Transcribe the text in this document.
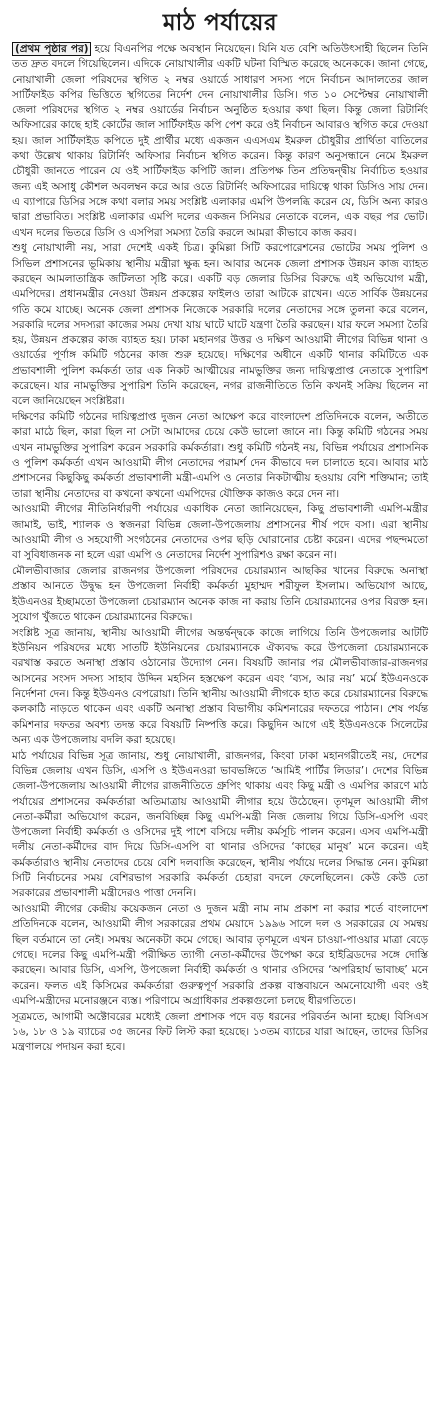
মাঠ পর্যায়ের

(প্রথম পৃষ্ঠার পর) হয়ে বিএনপির পক্ষে অবস্থান নিয়েছেন। যিনি যত বেশি অতিউৎসাহী ছিলেন তিনি তত দ্রুত বদলে গিয়েছিলেন। এদিকে নোয়াখালীর একটি ঘটনা বিস্মিত করেছে অনেককে। জানা গেছে, নোয়াখালী জেলা পরিষদের স্থগিত ২ নম্বর ওয়ার্ডে সাধারণ সদস্য পদে নির্বাচন আদালতের জাল সার্টিফাইড কপির ভিত্তিতে স্থগিতের নির্দেশ দেন নোয়াখালীর ডিসি। গত ১০ সেপ্টেম্বর নোয়াখালী জেলা পরিষদের স্থগিত ২ নম্বর ওয়ার্ডের নির্বাচন অনুষ্ঠিত হওয়ার কথা ছিল। কিন্তু জেলা রিটার্নিং অফিসারের কাছে হাই কোর্টের জাল সার্টিফাইড কপি পেশ করে ওই নির্বাচন আবারও স্থগিত করে দেওয়া হয়। জাল সার্টিফাইড কপিতে দুই প্রার্থীর মধ্যে একজন এএসএম ইমরুল চৌধুরীর প্রার্থিতা বাতিলের কথা উল্লেখ থাকায় রিটার্নিং অফিসার নির্বাচন স্থগিত করেন। কিন্তু কারণ অনুসন্ধানে নেমে ইমরুল চৌধুরী জানতে পারেন যে ওই সার্টিফাইড কপিটি জাল। প্রতিপক্ষ তিন প্রতিদ্বন্দ্বীয় নির্বাচিত হওয়ার জন্য এই অসাধু কৌশল অবলম্বন করে আর ওতে রিটার্নিং অফিসারের দায়িত্বে থাকা ডিসিও সায় দেন। এ ব্যাপারে ডিসির সঙ্গে কথা বলার সময় সংশ্লিষ্ট এলাকার এমপি উপলব্ধি করেন যে, ডিসি অন্য কারও দ্বারা প্রভাবিত। সংশ্লিষ্ট এলাকার এমপি দলের একজন সিনিয়র নেতাকে বলেন, এক বছর পর ভোট। এখন দলের ভিতরে ডিসি ও এসপিরা সমস্যা তৈরি করলে আমরা কীভাবে কাজ করব।

শুধু নোয়াখালী নয়, সারা দেশেই একই চিত্র। কুমিল্লা সিটি করপোরেশনের ভোটের সময় পুলিশ ও সিভিল প্রশাসনের ভূমিকায় স্থানীয় মন্ত্রীরা ক্ষুব্ধ হন। আবার অনেক জেলা প্রশাসক উন্নয়ন কাজ ব্যাহত করছেন আমলাতান্ত্রিক জটিলতা সৃষ্টি করে। একটি বড় জেলার ডিসির বিরুদ্ধে এই অভিযোগ মন্ত্রী, এমপিদের। প্রধানমন্ত্রীর নেওয়া উন্নয়ন প্রকল্পের ফাইলও তারা আটকে রাখেন। এতে সার্বিক উন্নয়নের গতি কমে যাচ্ছে। অনেক জেলা প্রশাসক নিজেকে সরকারি দলের নেতাদের সঙ্গে তুলনা করে বলেন, সরকারি দলের সদস্যরা কাজের সময় দেখা যায় ঘাটে ঘাটে যন্ত্রণা তৈরি করছেন। যার ফলে সমস্যা তৈরি হয়, উন্নয়ন প্রকল্পের কাজ ব্যাহত হয়। ঢাকা মহানগর উত্তর ও দক্ষিণ আওয়ামী লীগের বিভিন্ন থানা ও ওয়ার্ডের পূর্ণাঙ্গ কমিটি গঠনের কাজ শুরু হয়েছে। দক্ষিণের অধীনে একটি থানার কমিটিতে এক প্রভাবশালী পুলিশ কর্মকর্তা তার এক নিকট আত্মীয়ের নামভুক্তির জন্য দায়িত্বপ্রাপ্ত নেতাকে সুপারিশ করেছেন। যার নামভুক্তির সুপারিশ তিনি করেছেন, নগর রাজনীতিতে তিনি কখনই সক্রিয় ছিলেন না বলে জানিয়েছেন সংশ্লিষ্টরা।

দক্ষিণের কমিটি গঠনের দায়িত্বপ্রাপ্ত দুজন নেতা আক্ষেপ করে বাংলাদেশ প্রতিদিনকে বলেন, অতীতে কারা মাঠে ছিল, কারা ছিল না সেটা আমাদের চেয়ে কেউ ভালো জানে না। কিন্তু কমিটি গঠনের সময় এখন নামভুক্তির সুপারিশ করেন সরকারি কর্মকর্তারা। শুধু কমিটি গঠনই নয়, বিভিন্ন পর্যায়ের প্রশাসনিক ও পুলিশ কর্মকর্তা এখন আওয়ামী লীগ নেতাদের পরামর্শ দেন কীভাবে দল চালাতে হবে। আবার মাঠ প্রশাসনের কিছুকিছু কর্মকর্তা প্রভাবশালী মন্ত্রী-এমপি ও নেতার নিকটাত্মীয় হওয়ায় বেশি শক্তিমান; তাই তারা স্থানীয় নেতাদের বা কখনো কখনো এমপিদের যৌক্তিক কাজও করে দেন না।

আওয়ামী লীগের নীতিনির্ধারণী পর্যায়ের একাধিক নেতা জানিয়েছেন, কিছু প্রভাবশালী এমপি-মন্ত্রীর জামাই, ভাই, শ্যালক ও স্বজনরা বিভিন্ন জেলা-উপজেলায় প্রশাসনের শীর্ষ পদে বসা। এরা স্থানীয় আওয়ামী লীগ ও সহযোগী সংগঠনের নেতাদের ওপর ছড়ি ঘোরানোর চেষ্টা করেন। এদের পছন্দমতো বা সুবিধাজনক না হলে এরা এমপি ও নেতাদের নির্দেশ সুপারিশও রক্ষা করেন না।

মৌলভীবাজার জেলার রাজনগর উপজেলা পরিষদের চেয়ারম্যান আছকির খানের বিরুদ্ধে অনাস্থা প্রস্তাব আনতে উদ্বুদ্ধ হন উপজেলা নির্বাহী কর্মকর্তা মুহাম্মদ শরীফুল ইসলাম। অভিযোগ আছে, ইউএনওর ইচ্ছামতো উপজেলা চেয়ারম্যান অনেক কাজ না করায় তিনি চেয়ারম্যানের ওপর বিরক্ত হন। সুযোগ খুঁজতে থাকেন চেয়ারম্যানের বিরুদ্ধে।

সংশ্লিষ্ট সূত্র জানায়, স্থানীয় আওয়ামী লীগের অন্তর্দ্বন্দ্বকে কাজে লাগিয়ে তিনি উপজেলার আটটি ইউনিয়ন পরিষদের মধ্যে সাতটি ইউনিয়নের চেয়ারম্যানকে ঐক্যবদ্ধ করে উপজেলা চেয়ারম্যানকে বরখাস্ত করতে অনাস্থা প্রস্তাব ওঠানোর উদ্যোগ নেন। বিষয়টি জানার পর মৌলভীবাজার-রাজনগর আসনের সংসদ সদস্য সাহাব উদ্দিন মহসিন হস্তক্ষেপ করেন এবং ‘ব্যস, আর নয়’ মর্মে ইউএনওকে নির্দেশনা দেন। কিন্তু ইউএনও বেপরোয়া। তিনি স্থানীয় আওয়ামী লীগকে হাত করে চেয়ারম্যানের বিরুদ্ধে কলকাঠি নাড়তে থাকেন এবং একটি অনাস্থা প্রস্তাব বিভাগীয় কমিশনারের দফতরে পাঠান। শেষ পর্যন্ত কমিশনার দফতর অবশ্য তদন্ত করে বিষয়টি নিষ্পত্তি করে। কিছুদিন আগে এই ইউএনওকে সিলেটের অন্য এক উপজেলায় বদলি করা হয়েছে।

মাঠ পর্যায়ের বিভিন্ন সূত্র জানায়, শুধু নোয়াখালী, রাজনগর, কিংবা ঢাকা মহানগরীতেই নয়, দেশের বিভিন্ন জেলায় এখন ডিসি, এসপি ও ইউএনওরা ভাবভঙ্গিতে ‘আমিই পার্টির লিডার’। দেশের বিভিন্ন জেলা-উপজেলায় আওয়ামী লীগের রাজনীতিতে গ্রুপিং থাকায় এবং কিছু মন্ত্রী ও এমপির কারণে মাঠ পর্যায়ের প্রশাসনের কর্মকর্তারা অতিমাত্রায় আওয়ামী লীগার হয়ে উঠেছেন। তৃণমূল আওয়ামী লীগ নেতা-কর্মীরা অভিযোগ করেন, জনবিচ্ছিন্ন কিছু এমপি-মন্ত্রী নিজ জেলায় গিয়ে ডিসি-এসপি এবং উপজেলা নির্বাহী কর্মকর্তা ও ওসিদের দুই পাশে বসিয়ে দলীয় কর্মসূচি পালন করেন। এসব এমপি-মন্ত্রী দলীয় নেতা-কর্মীদের বাদ দিয়ে ডিসি-এসপি বা থানার ওসিদের ‘কাছের মানুষ’ মনে করেন। এই কর্মকর্তারাও স্থানীয় নেতাদের চেয়ে বেশি দলবাজি করেছেন, স্থানীয় পর্যায়ে দলের সিদ্ধান্ত নেন। কুমিল্লা সিটি নির্বাচনের সময় বেশিরভাগ সরকারি কর্মকর্তা চেহারা বদলে ফেলেছিলেন। কেউ কেউ তো সরকারের প্রভাবশালী মন্ত্রীদেরও পাত্তা দেননি।

আওয়ামী লীগের কেন্দ্রীয় কয়েকজন নেতা ও দুজন মন্ত্রী নাম নাম প্রকাশ না করার শর্তে বাংলাদেশ প্রতিদিনকে বলেন, আওয়ামী লীগ সরকারের প্রথম মেয়াদে ১৯৯৬ সালে দল ও সরকারের যে সমন্বয় ছিল বর্তমানে তা নেই। সমন্বয় অনেকটা কমে গেছে। আবার তৃণমূলে এখন চাওয়া-পাওয়ার মাত্রা বেড়ে গেছে। দলের কিছু এমপি-মন্ত্রী পরীক্ষিত ত্যাগী নেতা-কর্মীদের উপেক্ষা করে হাইব্রিডদের সঙ্গে দোস্তি করছেন। আবার ডিসি, এসপি, উপজেলা নির্বাহী কর্মকর্তা ও থানার ওসিদের ‘অপরিহার্য ভাবাচ্ছ’ মনে করেন। ফলত এই কিসিমের কর্মকর্তারা গুরুত্বপূর্ণ সরকারি প্রকল্প বাস্তবায়নে অমনোযোগী এবং ওই এমপি-মন্ত্রীদের মনোরঞ্জনে ব্যস্ত। পরিণামে অগ্রাধিকার প্রকল্পগুলো চলছে ধীরগতিতে।

সূত্রমতে, আগামী অক্টোবরের মধ্যেই জেলা প্রশাসক পদে বড় ধরনের পরিবর্তন আনা হচ্ছে। বিসিএস ১৬, ১৮ ও ১৯ ব্যাচের ৩৫ জনের ফিট লিস্ট করা হয়েছে। ১৩তম ব্যাচের যারা আছেন, তাদের ডিসির মন্ত্রণালয়ে পদায়ন করা হবে।
